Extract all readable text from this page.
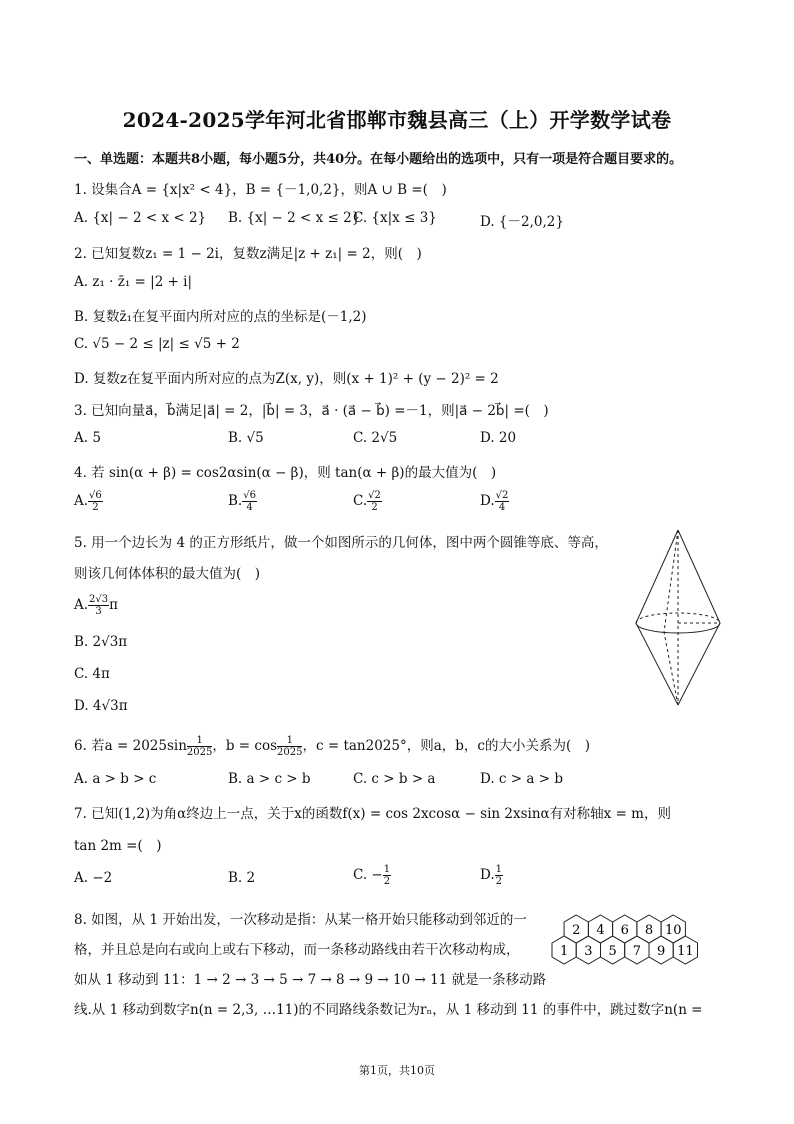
2024-2025学年河北省邯郸市魏县高三（上）开学数学试卷
一、单选题：本题共8小题，每小题5分，共40分。在每小题给出的选项中，只有一项是符合题目要求的。
1. 设集合A = {x|x² < 4}，B = {－1,0,2}，则A ∪ B =(　)
A. {x| − 2 < x < 2} B. {x| − 2 < x ≤ 2}
C. {x|x ≤ 3}	D. {－2,0,2}
2. 已知复数z₁ = 1 − 2i，复数z满足|z + z₁| = 2，则(　)
A. z₁ · z̄₁ = |2 + i|
B. 复数z̄₁在复平面内所对应的点的坐标是(－1,2)
C. √5 − 2 ≤ |z| ≤ √5 + 2
D. 复数z在复平面内所对应的点为Z(x, y)，则(x + 1)² + (y − 2)² = 2
3. 已知向量a⃗，b⃗满足|a⃗| = 2，|b⃗| = 3，a⃗ · (a⃗ − b⃗) =－1，则|a⃗ − 2b⃗| =(　)
A. 5	B. √5	C. 2√5	D. 20
4. 若 sin(α + β) = cos2αsin(α − β)，则 tan(α + β)的最大值为(　)
A. $\frac{√6}{2}$	B. $\frac{√6}{4}$	C. $\frac{√2}{2}$	D. $\frac{√2}{4}$
5. 用一个边长为 4 的正方形纸片，做一个如图所示的几何体，图中两个圆锥等底、等高，
则该几何体体积的最大值为(　)
A. $\frac{2√3}{3}$ π
B. 2√3π
C. 4π
D. 4√3π
6. 若$a = 2025\sin \frac{1}{2025}$ ，$b = \cos \frac{1}{2025}$ ，c = tan2025°，则a，b，c的大小关系为(　)
A. a > b > c	B. a > c > b	C. c > b > a	D. c > a > b
7. 已知(1,2)为角α终边上一点，关于x的函数f(x) = cos 2xcosα − sin 2xsinα有对称轴x = m，则
tan 2m =(　)
A. −2	B. 2	C. − $\frac{1}{2}$	D. $\frac{1}{2}$
8. 如图，从 1 开始出发，一次移动是指：从某一格开始只能移动到邻近的一
格，并且总是向右或向上或右下移动，而一条移动路线由若干次移动构成，
如从 1 移动到 11：1 → 2 → 3 → 5 → 7 → 8 → 9 → 10 → 11 就是一条移动路
线.从 1 移动到数字n(n = 2,3, …11)的不同路线条数记为rₙ，从 1 移动到 11 的事件中，跳过数字n(n =
1 3 5 7 9 11
2 4 6 8 10
第1页，共10页
